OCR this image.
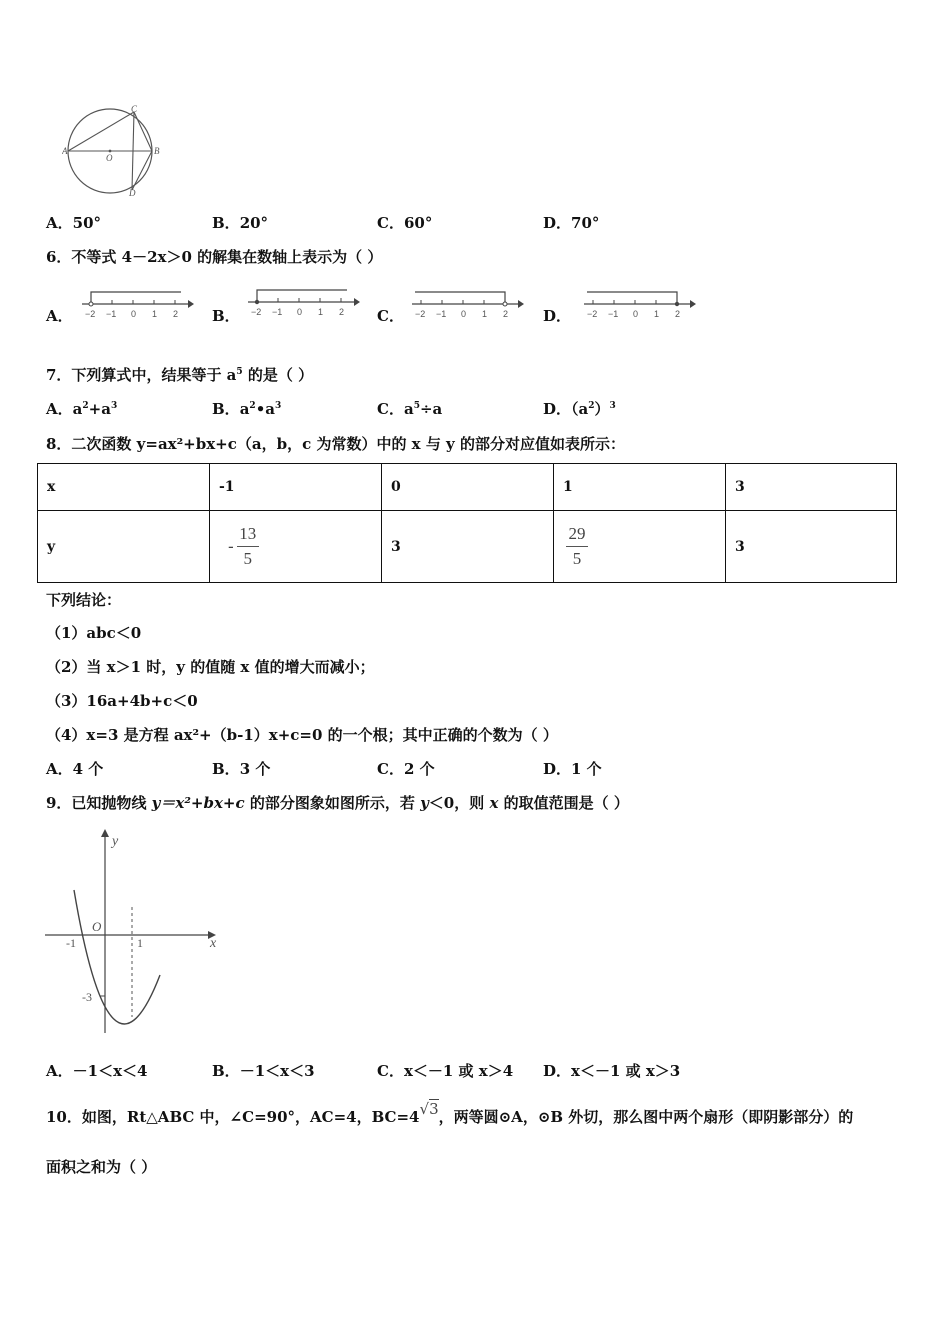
C
A	B
O
D
A．50°	B．20°	C．60°	D．70°
6．不等式 4－2x＞0 的解集在数轴上表示为（ ）
A．	B．	C．	D．
−2 −1 0 1 2	−2 −1 0 1 2	−2 −1 0 1 2	−2 −1 0 1 2
7．下列算式中，结果等于 $a^5$ 的是（ ）
A．$a^2+a^3$	B．$a^2•a^3$	C．$a^5\div a$	D．$(a^2)^3$
8．二次函数 y=ax²+bx+c（a，b，c 为常数）中的 x 与 y 的部分对应值如表所示：
x	-1	0	1	3
y	- $\frac{13}{5}$	3	$\frac{29}{5}$	3
下列结论：
（1）abc＜0
（2）当 x＞1 时，y 的值随 x 值的增大而减小；
（3）16a+4b+c＜0
（4）x=3 是方程 ax²+（b-1）x+c=0 的一个根；其中正确的个数为（ ）
A．4 个	B．3 个	C．2 个	D．1 个
9．已知抛物线 y＝x²+bx+c 的部分图象如图所示，若 y＜0，则 x 的取值范围是（ ）
y
x
O
-1	1
-3
A．－1＜x＜4	B．－1＜x＜3	C．x＜－1 或 x＞4 D．x＜－1 或 x＞3
10．如图，Rt△ABC 中，∠C=90°，AC=4，BC=4√3，两等圆⊙A，⊙B 外切，那么图中两个扇形（即阴影部分）的
面积之和为（ ）
